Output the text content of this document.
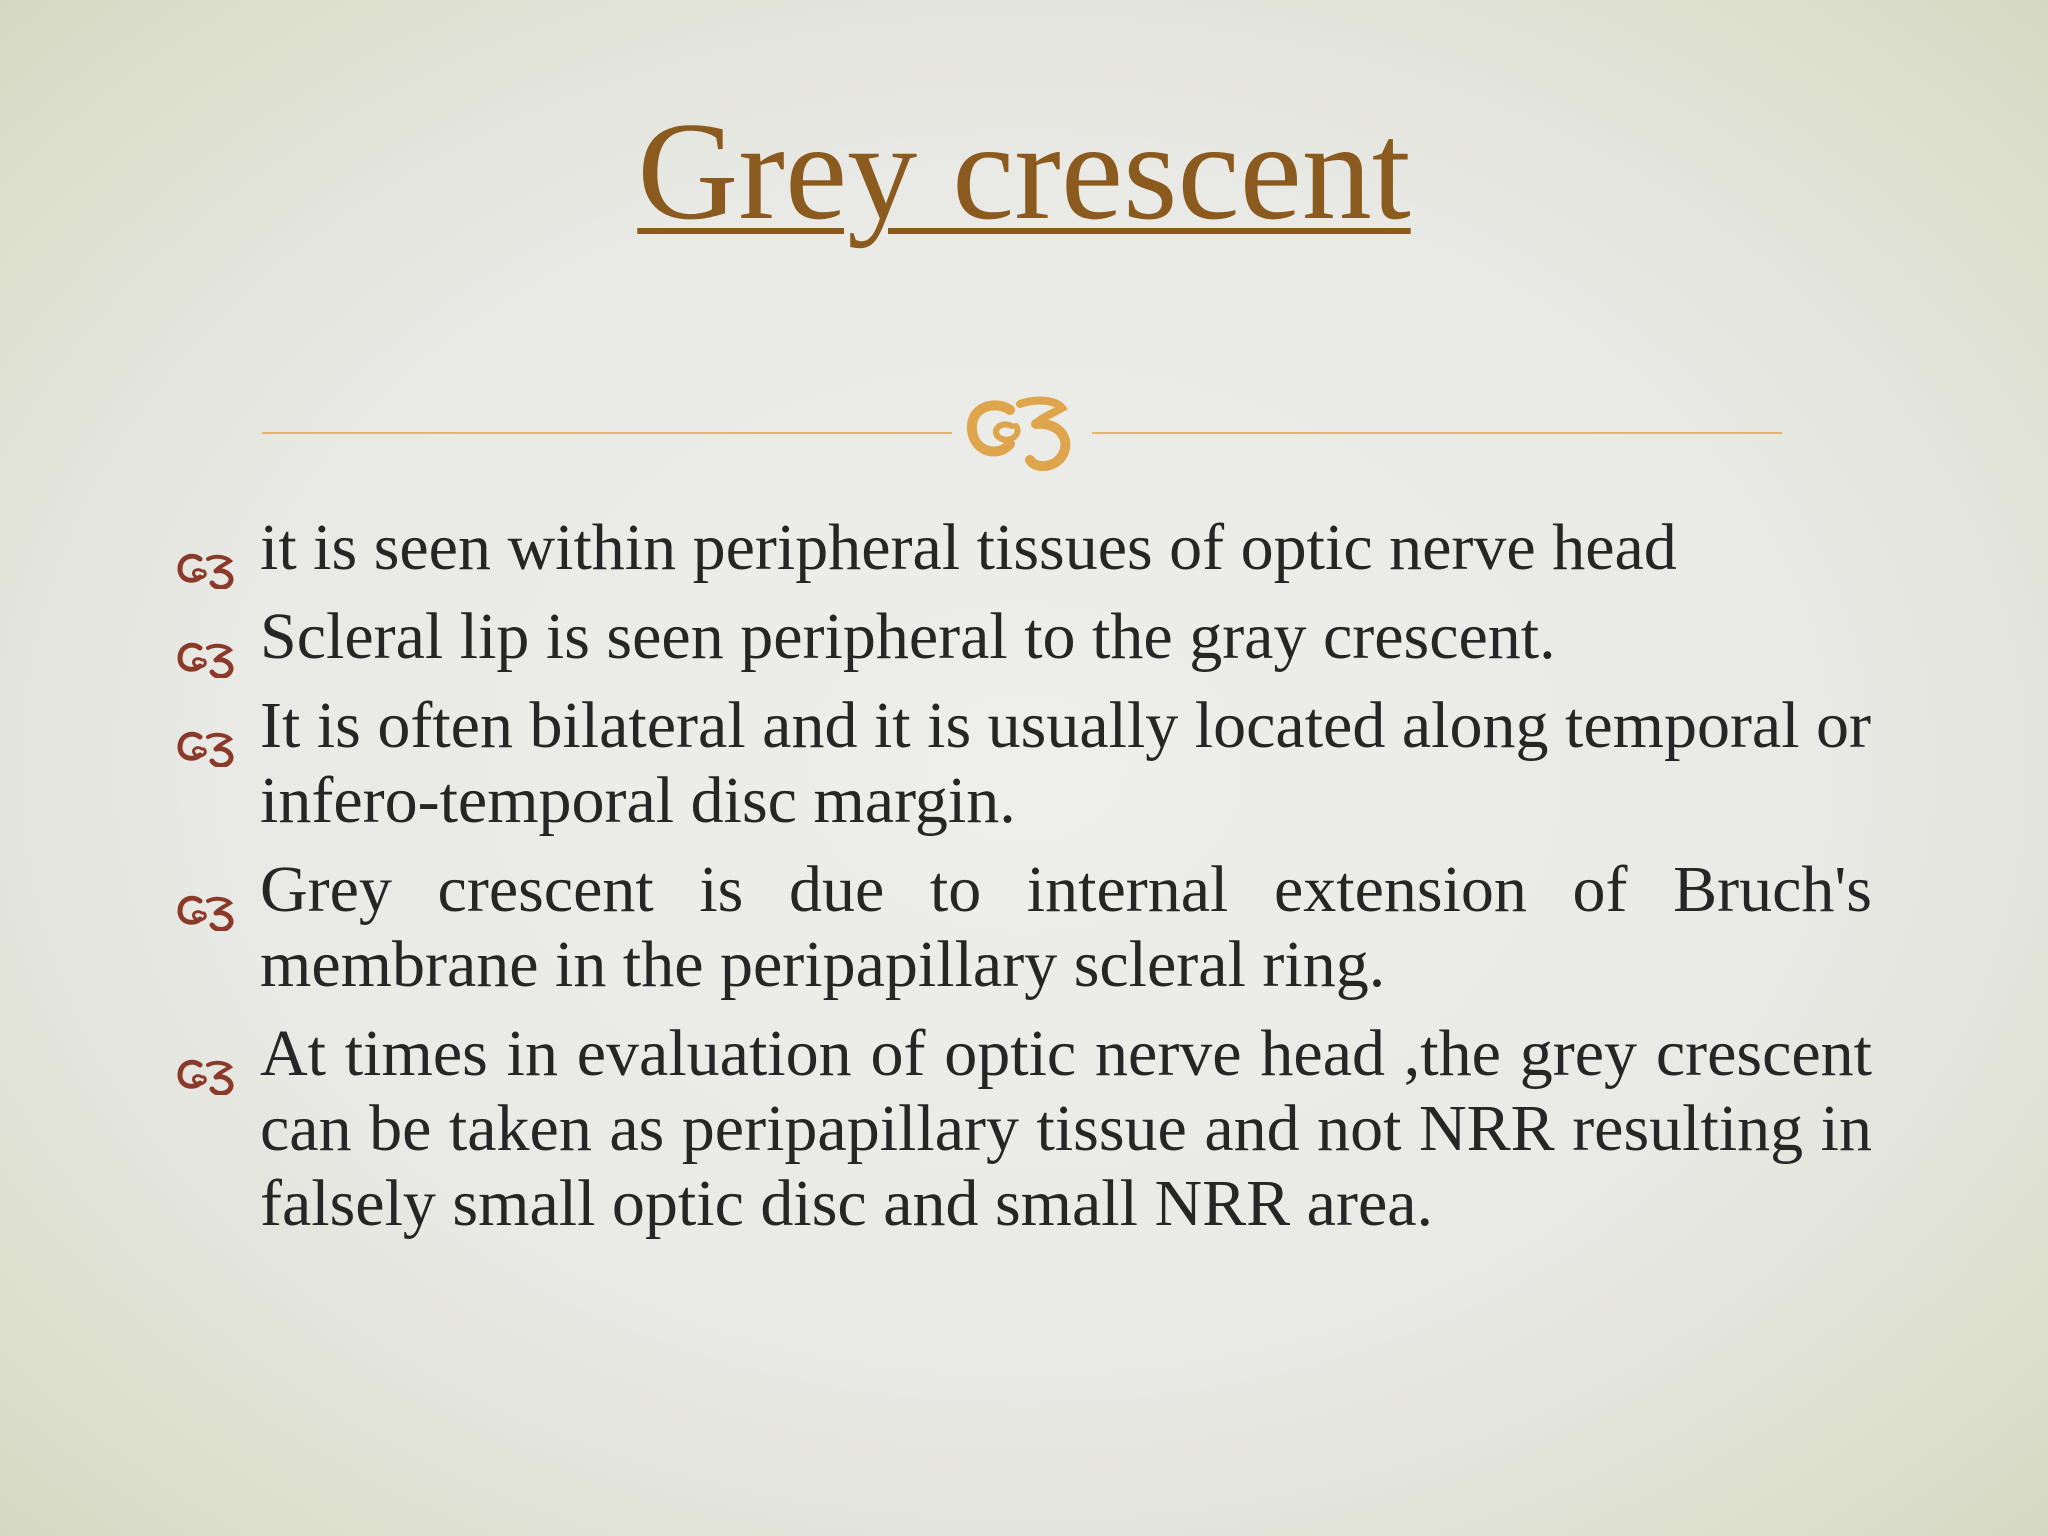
Grey crescent
it is seen within peripheral tissues of optic nerve head
Scleral lip is seen peripheral to the gray crescent.
It is often bilateral and it is usually located along temporal or infero-temporal disc margin.
Grey crescent is due to internal extension of Bruch's membrane in the peripapillary scleral ring.
At times in evaluation of optic nerve head ,the grey crescent can be taken as peripapillary tissue and not NRR resulting in falsely small optic disc and small NRR area.
